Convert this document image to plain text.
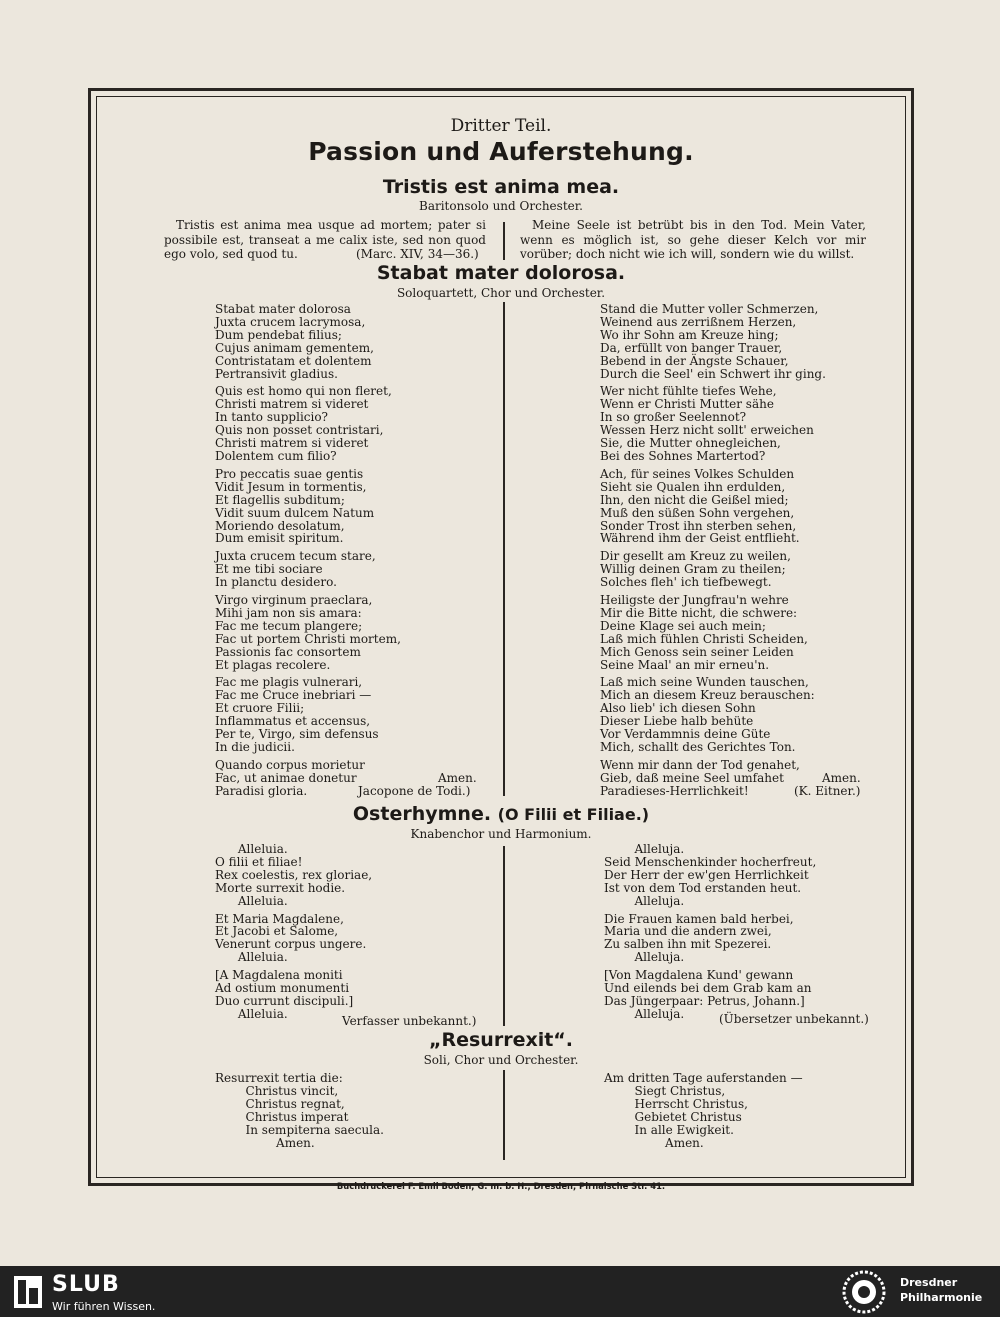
Dritter Teil.
Passion und Auferstehung.
Tristis est anima mea.
Baritonsolo und Orchester.
Tristis est anima mea usque ad mortem; pater si possibile est, transeat a me calix iste, sed non quod ego volo, sed quod tu.	(Marc. XIV, 34—36.)
Meine Seele ist betrübt bis in den Tod. Mein Vater, wenn es möglich ist, so gehe dieser Kelch vor mir vorüber; doch nicht wie ich will, sondern wie du willst.
Stabat mater dolorosa.
Soloquartett, Chor und Orchester.
Stabat mater dolorosa
Juxta crucem lacrymosa,
Dum pendebat filius;
Cujus animam gementem,
Contristatam et dolentem
Pertransivit gladius.
Quis est homo qui non fleret,
Christi matrem si videret
In tanto supplicio?
Quis non posset contristari,
Christi matrem si videret
Dolentem cum filio?
Pro peccatis suae gentis
Vidit Jesum in tormentis,
Et flagellis subditum;
Vidit suum dulcem Natum
Moriendo desolatum,
Dum emisit spiritum.
Juxta crucem tecum stare,
Et me tibi sociare
In planctu desidero.
Virgo virginum praeclara,
Mihi jam non sis amara:
Fac me tecum plangere;
Fac ut portem Christi mortem,
Passionis fac consortem
Et plagas recolere.
Fac me plagis vulnerari,
Fac me Cruce inebriari —
Et cruore Filii;
Inflammatus et accensus,
Per te, Virgo, sim defensus
In die judicii.
Quando corpus morietur
Fac, ut animae donetur
Paradisi gloria.
Stand die Mutter voller Schmerzen,
Weinend aus zerrißnem Herzen,
Wo ihr Sohn am Kreuze hing;
Da, erfüllt von banger Trauer,
Bebend in der Ängste Schauer,
Durch die Seel' ein Schwert ihr ging.
Wer nicht fühlte tiefes Wehe,
Wenn er Christi Mutter sähe
In so großer Seelennot?
Wessen Herz nicht sollt' erweichen
Sie, die Mutter ohnegleichen,
Bei des Sohnes Martertod?
Ach, für seines Volkes Schulden
Sieht sie Qualen ihn erdulden,
Ihn, den nicht die Geißel mied;
Muß den süßen Sohn vergehen,
Sonder Trost ihn sterben sehen,
Während ihm der Geist entflieht.
Dir gesellt am Kreuz zu weilen,
Willig deinen Gram zu theilen;
Solches fleh' ich tiefbewegt.
Heiligste der Jungfrau'n wehre
Mir die Bitte nicht, die schwere:
Deine Klage sei auch mein;
Laß mich fühlen Christi Scheiden,
Mich Genoss sein seiner Leiden
Seine Maal' an mir erneu'n.
Laß mich seine Wunden tauschen,
Mich an diesem Kreuz berauschen:
Also lieb' ich diesen Sohn
Dieser Liebe halb behüte
Vor Verdammnis deine Güte
Mich, schallt des Gerichtes Ton.
Wenn mir dann der Tod genahet,
Gieb, daß meine Seel umfahet
Paradieses-Herrlichkeit!
Amen.
Jacopone de Todi.)
Amen.
(K. Eitner.)
Osterhymne. (O Filii et Filiae.)
Knabenchor und Harmonium.
Alleluia.
O filii et filiae!
Rex coelestis, rex gloriae,
Morte surrexit hodie.
Alleluia.
Et Maria Magdalene,
Et Jacobi et Salome,
Venerunt corpus ungere.
Alleluia.
[A Magdalena moniti
Ad ostium monumenti
Duo currunt discipuli.]
Alleluia.
Alleluja.
Seid Menschenkinder hocherfreut,
Der Herr der ew'gen Herrlichkeit
Ist von dem Tod erstanden heut.
Alleluja.
Die Frauen kamen bald herbei,
Maria und die andern zwei,
Zu salben ihn mit Spezerei.
Alleluja.
[Von Magdalena Kund' gewann
Und eilends bei dem Grab kam an
Das Jüngerpaar: Petrus, Johann.]
Alleluja.
Verfasser unbekannt.)	(Übersetzer unbekannt.)
„Resurrexit“.
Soli, Chor und Orchester.
Resurrexit tertia die:
Christus vincit,
Christus regnat,
Christus imperat
In sempiterna saecula.
Amen.
Am dritten Tage auferstanden —
Siegt Christus,
Herrscht Christus,
Gebietet Christus
In alle Ewigkeit.
Amen.
Buchdruckerei F. Emil Boden, G. m. b. H., Dresden, Pirnaische Str. 41.
SLUB
Wir führen Wissen.
Dresdner
Philharmonie
